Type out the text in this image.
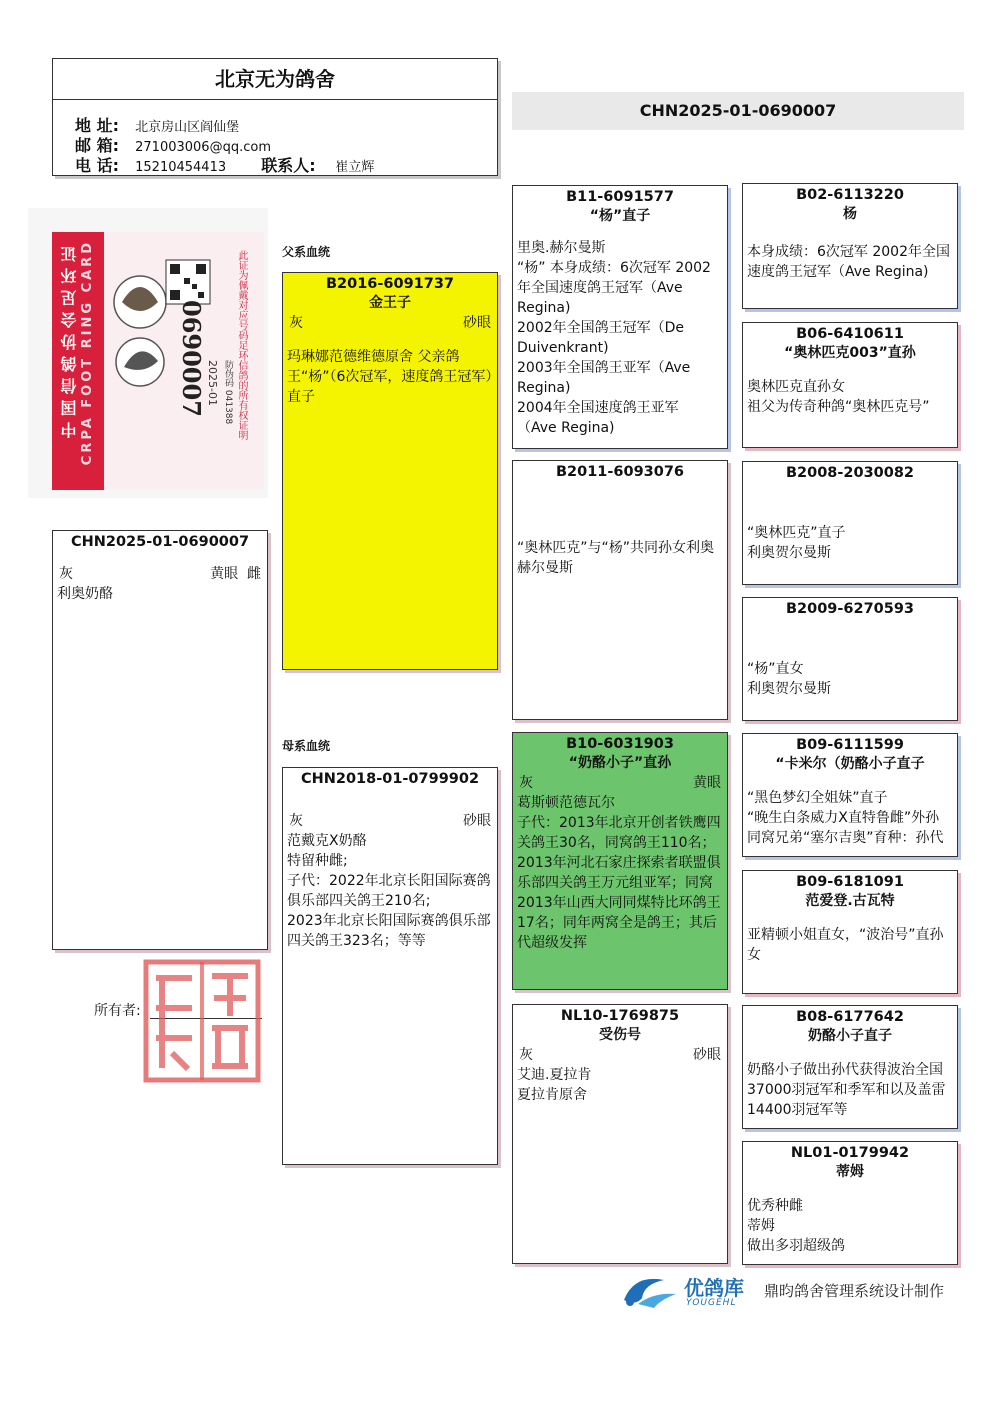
北京无为鸽舍
地 址: 北京房山区阎仙堡
邮 箱: 271003006@qq.com
电 话: 15210454413 联系人: 崔立辉
CHN2025-01-0690007
中国信鸽协会足环证 CRPA FOOT RING CARD	0690007 2025-01 防伪码 041388 此证为佩戴对应号码足环信鸽的所有权证明	父系血统
母系血统
CHN2025-01-0690007
灰	黄眼 雌
利奥奶酪
所有者:
B2016-6091737
金王子
灰	砂眼
玛琳娜范德维德原舍 父亲鸽王“杨”（6次冠军，速度鸽王冠军）直子
CHN2018-01-0799902
灰	砂眼
范戴克X奶酪
特留种雌;
子代：2022年北京长阳国际赛鸽俱乐部四关鸽王210名;
2023年北京长阳国际赛鸽俱乐部四关鸽王323名；等等
B11-6091577
“杨”直子
里奥.赫尔曼斯
“杨” 本身成绩：6次冠军 2002年全国速度鸽王冠军（Ave Regina)
2002年全国鸽王冠军（De Duivenkrant)
2003年全国鸽王亚军（Ave Regina)
2004年全国速度鸽王亚军
（Ave Regina)
B2011-6093076
“奥林匹克”与“杨”共同孙女利奥赫尔曼斯
B10-6031903
“奶酪小子”直孙
灰	黄眼
葛斯顿范德瓦尔
子代：2013年北京开创者铁鹰四关鸽王30名，同窝鸽王110名；2013年河北石家庄探索者联盟俱乐部四关鸽王万元组亚军；同窝2013年山西大同同煤特比环鸽王17名；同年两窝全是鸽王；其后代超级发挥
NL10-1769875
受伤号
灰	砂眼
艾迪.夏拉肯
夏拉肯原舍
B02-6113220
杨
本身成绩：6次冠军 2002年全国速度鸽王冠军（Ave Regina)
B06-6410611
“奥林匹克003”直孙
奥林匹克直孙女
祖父为传奇种鸽“奥林匹克号”
B2008-2030082
“奥林匹克”直子
利奥贺尔曼斯
B2009-6270593
“杨”直女
利奥贺尔曼斯
B09-6111599
“卡米尔（奶酪小子直子
“黑色梦幻全姐妹”直子
“晚生白条威力X直特鲁雌”外孙
同窝兄弟“塞尔吉奥”育种：孙代
B09-6181091
范爱登.古瓦特
亚精顿小姐直女，“波治号”直孙女
B08-6177642
奶酪小子直子
奶酪小子做出孙代获得波治全国37000羽冠军和季军和以及盖雷14400羽冠军等
NL01-0179942
蒂姆
优秀种雌
蒂姆
做出多羽超级鸽
优鸽库
YOUGEHL
鼎昀鸽舍管理系统设计制作
